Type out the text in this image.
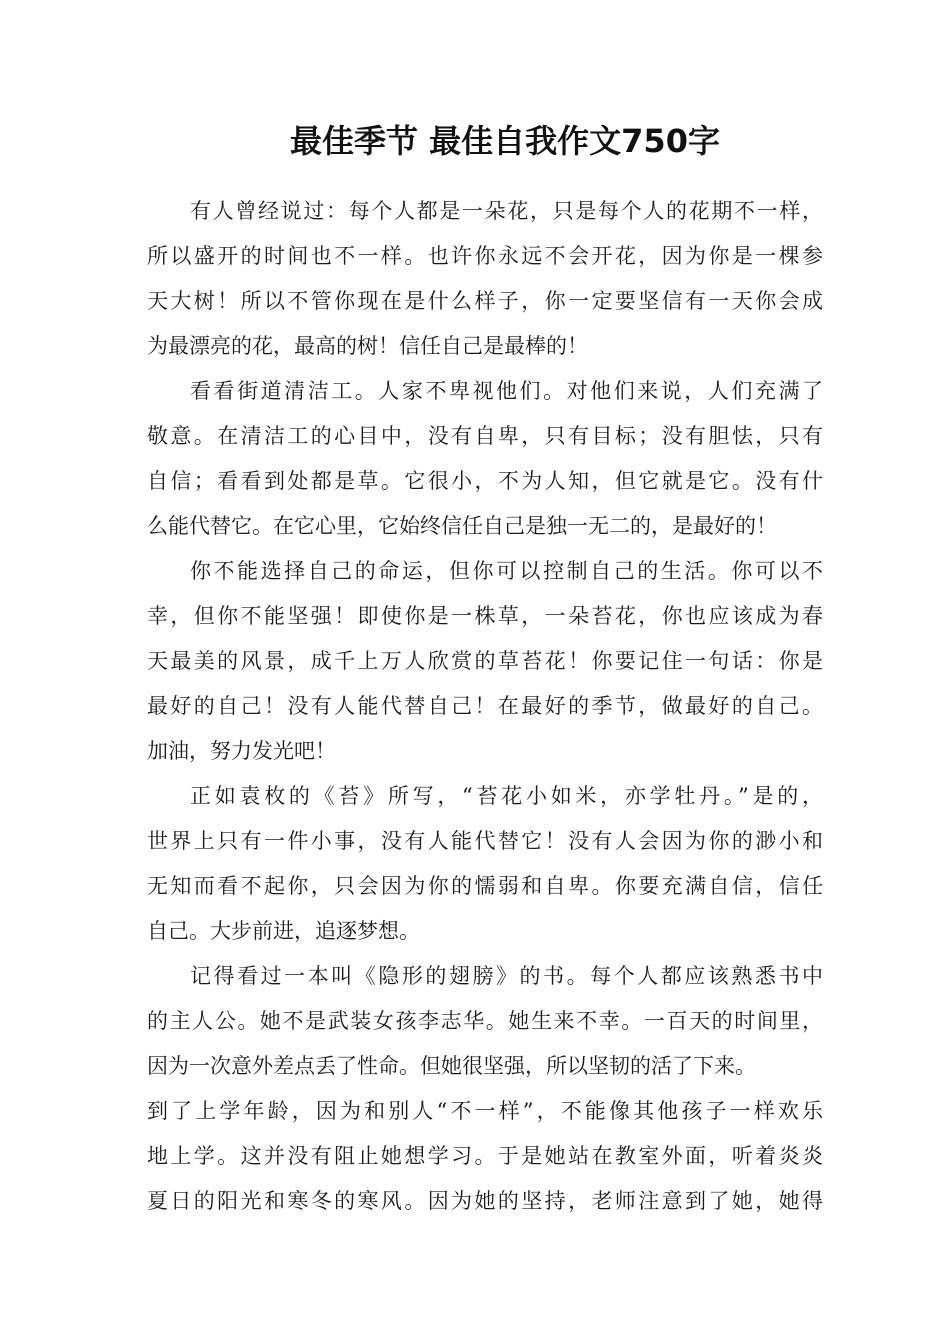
最佳季节 最佳自我作文750字
有人曾经说过：每个人都是一朵花，只是每个人的花期不一样，
所以盛开的时间也不一样。也许你永远不会开花，因为你是一棵参
天大树！所以不管你现在是什么样子，你一定要坚信有一天你会成
为最漂亮的花，最高的树！信任自己是最棒的！
看看街道清洁工。人家不卑视他们。对他们来说，人们充满了
敬意。在清洁工的心目中，没有自卑，只有目标；没有胆怯，只有
自信；看看到处都是草。它很小，不为人知，但它就是它。没有什
么能代替它。在它心里，它始终信任自己是独一无二的，是最好的！
你不能选择自己的命运，但你可以控制自己的生活。你可以不
幸，但你不能坚强！即使你是一株草，一朵苔花，你也应该成为春
天最美的风景，成千上万人欣赏的草苔花！你要记住一句话：你是
最好的自己！没有人能代替自己！在最好的季节，做最好的自己。
加油，努力发光吧！
正如袁枚的《苔》所写，“苔花小如米，亦学牡丹。”是的，
世界上只有一件小事，没有人能代替它！没有人会因为你的渺小和
无知而看不起你，只会因为你的懦弱和自卑。你要充满自信，信任
自己。大步前进，追逐梦想。
记得看过一本叫《隐形的翅膀》的书。每个人都应该熟悉书中
的主人公。她不是武装女孩李志华。她生来不幸。一百天的时间里，
因为一次意外差点丢了性命。但她很坚强，所以坚韧的活了下来。
到了上学年龄，因为和别人“不一样”，不能像其他孩子一样欢乐
地上学。这并没有阻止她想学习。于是她站在教室外面，听着炎炎
夏日的阳光和寒冬的寒风。因为她的坚持，老师注意到了她，她得
